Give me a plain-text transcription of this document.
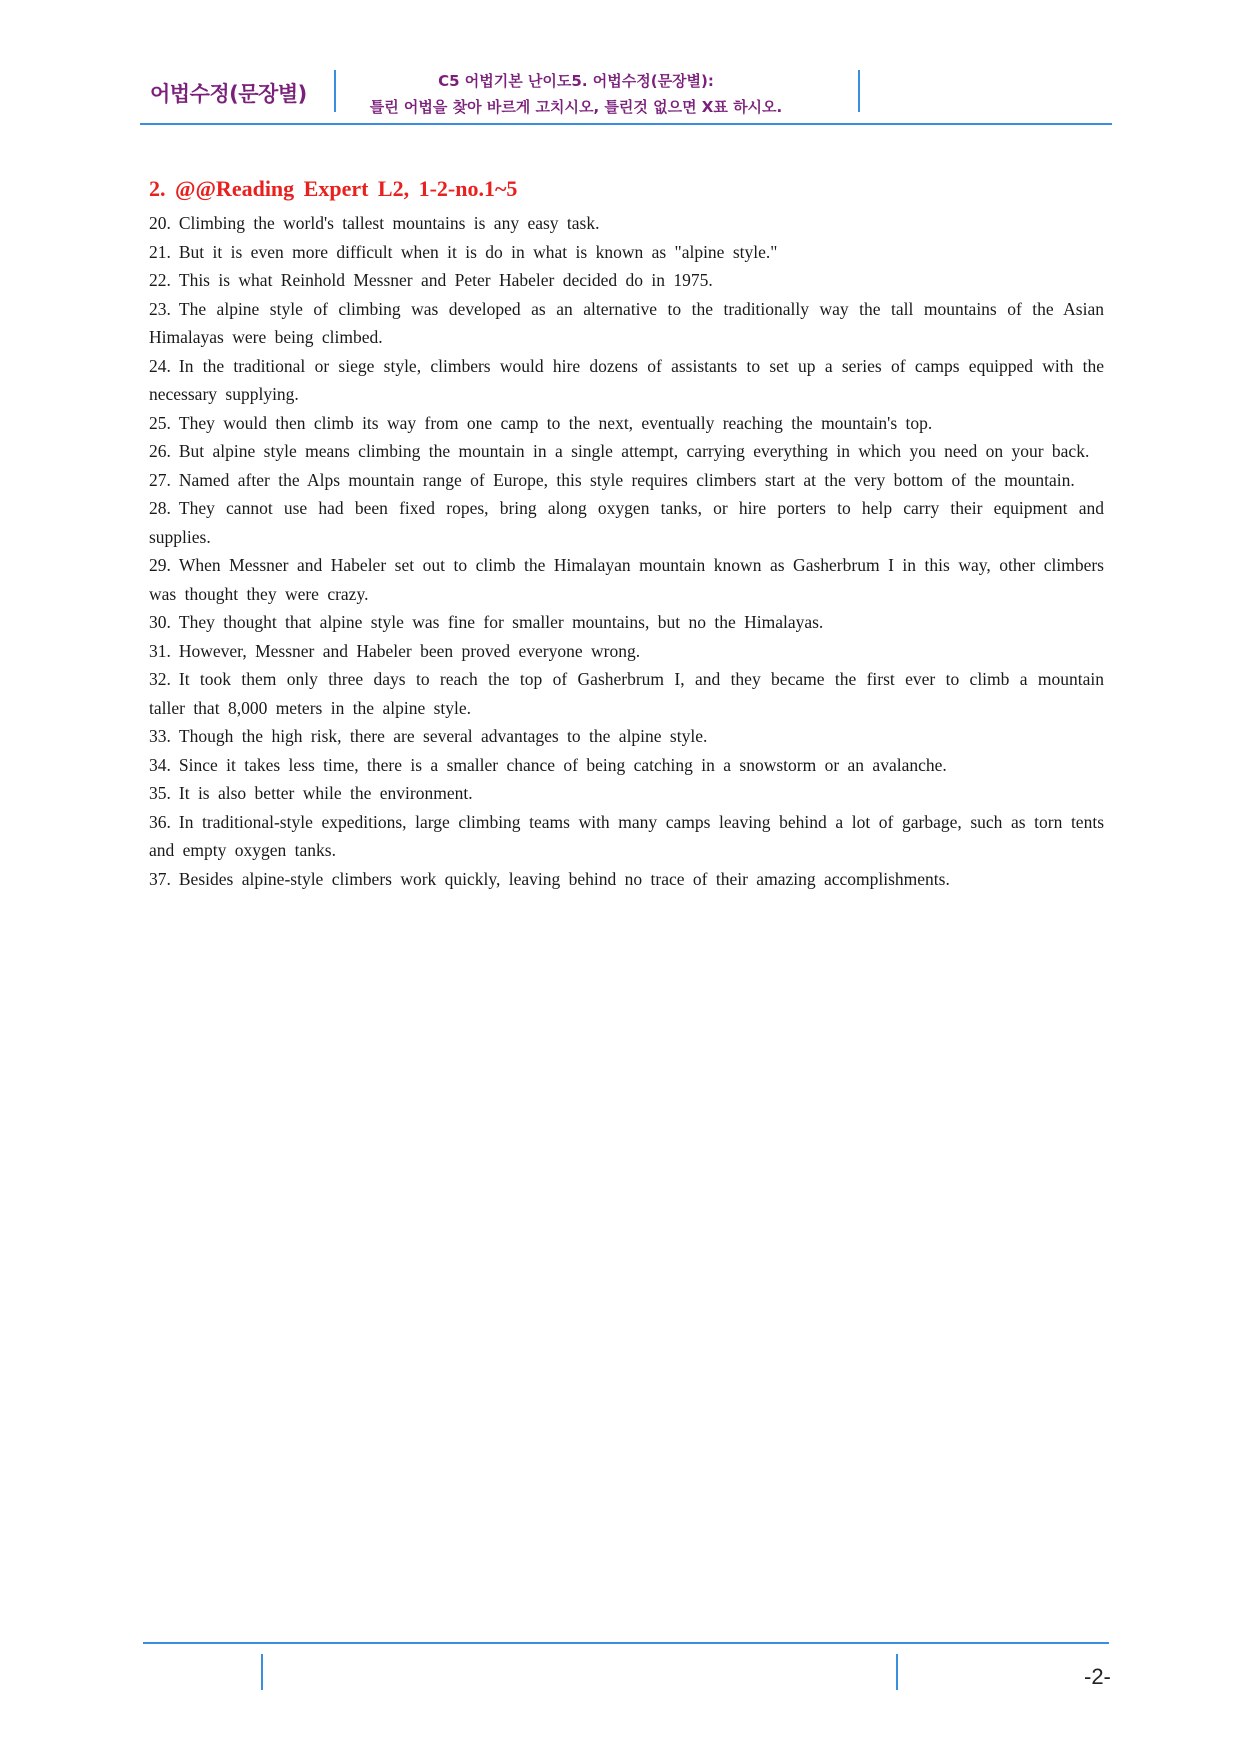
어법수정(문장별)
C5 어법기본 난이도5. 어법수정(문장별):
틀린 어법을 찾아 바르게 고치시오, 틀린것 없으면 X표 하시오.
2. @@Reading Expert L2, 1-2-no.1~5

20. Climbing the world's tallest mountains is any easy task.

21. But it is even more difficult when it is do in what is known as "alpine style."

22. This is what Reinhold Messner and Peter Habeler decided do in 1975.

23. The alpine style of climbing was developed as an alternative to the traditionally way the tall mountains of the Asian Himalayas were being climbed.

24. In the traditional or siege style, climbers would hire dozens of assistants to set up a series of camps equipped with the necessary supplying.

25. They would then climb its way from one camp to the next, eventually reaching the mountain's top.

26. But alpine style means climbing the mountain in a single attempt, carrying everything in which you need on your back.

27. Named after the Alps mountain range of Europe, this style requires climbers start at the very bottom of the mountain.

28. They cannot use had been fixed ropes, bring along oxygen tanks, or hire porters to help carry their equipment and supplies.

29. When Messner and Habeler set out to climb the Himalayan mountain known as Gasherbrum I in this way, other climbers was thought they were crazy.

30. They thought that alpine style was fine for smaller mountains, but no the Himalayas.

31. However, Messner and Habeler been proved everyone wrong.

32. It took them only three days to reach the top of Gasherbrum I, and they became the first ever to climb a mountain taller that 8,000 meters in the alpine style.

33. Though the high risk, there are several advantages to the alpine style.

34. Since it takes less time, there is a smaller chance of being catching in a snowstorm or an avalanche.

35. It is also better while the environment.

36. In traditional-style expeditions, large climbing teams with many camps leaving behind a lot of garbage, such as torn tents and empty oxygen tanks.

37. Besides alpine-style climbers work quickly, leaving behind no trace of their amazing accomplishments.

-2-
